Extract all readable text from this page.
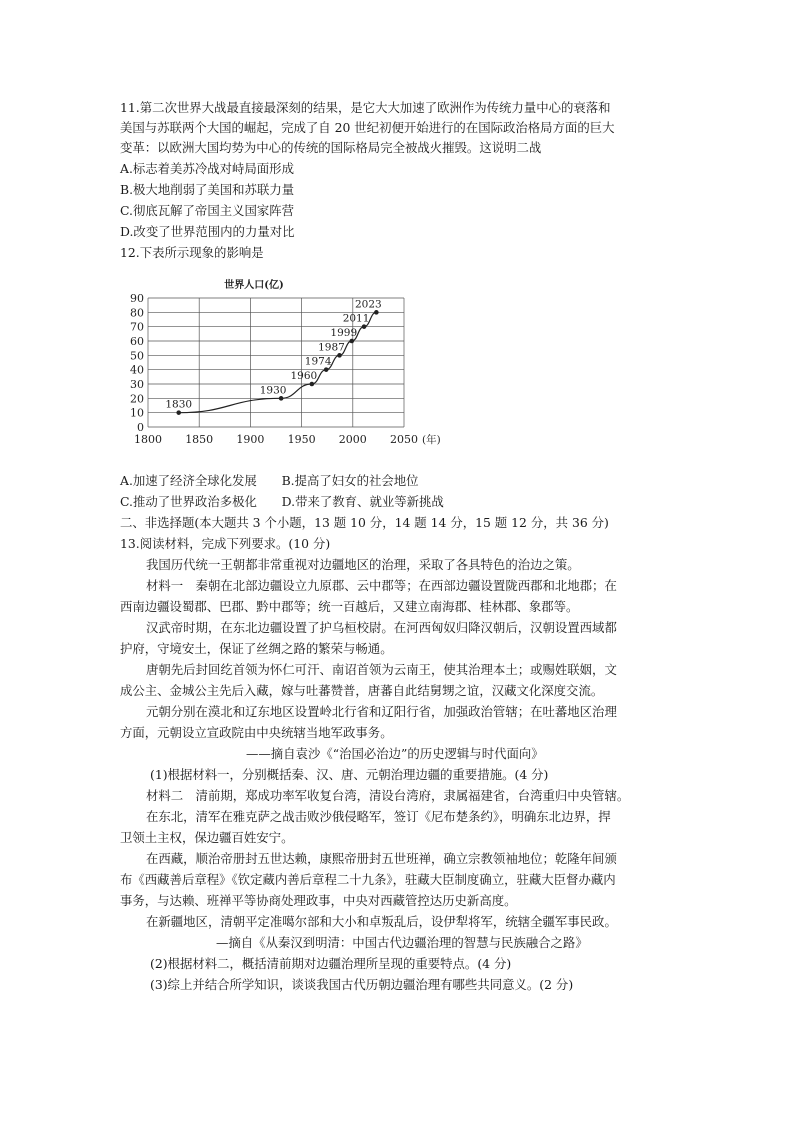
11.第二次世界大战最直接最深刻的结果，是它大大加速了欧洲作为传统力量中心的衰落和
美国与苏联两个大国的崛起，完成了自 20 世纪初便开始进行的在国际政治格局方面的巨大
变革：以欧洲大国均势为中心的传统的国际格局完全被战火摧毁。这说明二战
A.标志着美苏冷战对峙局面形成
B.极大地削弱了美国和苏联力量
C.彻底瓦解了帝国主义国家阵营
D.改变了世界范围内的力量对比
12.下表所示现象的影响是
0
10
20
30
40
50
60
70
80
90
1800 1850 1900 1950 2000 2050 (年)
世界人口(亿)
1830
1930
1960
1974
1987
1999
2011
2023
A.加速了经济全球化发展　　B.提高了妇女的社会地位
C.推动了世界政治多极化　　D.带来了教育、就业等新挑战
二、非选择题(本大题共 3 个小题，13 题 10 分，14 题 14 分，15 题 12 分，共 36 分)
13.阅读材料，完成下列要求。(10 分)
我国历代统一王朝都非常重视对边疆地区的治理，采取了各具特色的治边之策。
材料一　秦朝在北部边疆设立九原郡、云中郡等；在西部边疆设置陇西郡和北地郡；在
西南边疆设蜀郡、巴郡、黔中郡等；统一百越后，又建立南海郡、桂林郡、象郡等。
汉武帝时期，在东北边疆设置了护乌桓校尉。在河西匈奴归降汉朝后，汉朝设置西域都
护府，守境安土，保证了丝绸之路的繁荣与畅通。
唐朝先后封回纥首领为怀仁可汗、南诏首领为云南王，使其治理本土；或赐姓联姻，文
成公主、金城公主先后入藏，嫁与吐蕃赞普，唐蕃自此结舅甥之谊，汉藏文化深度交流。
元朝分别在漠北和辽东地区设置岭北行省和辽阳行省，加强政治管辖；在吐蕃地区治理
方面，元朝设立宣政院由中央统辖当地军政事务。
——摘自袁沙《“治国必治边”的历史逻辑与时代面向》
(1)根据材料一，分别概括秦、汉、唐、元朝治理边疆的重要措施。(4 分)
材料二　清前期，郑成功率军收复台湾，清设台湾府，隶属福建省，台湾重归中央管辖。
在东北，清军在雅克萨之战击败沙俄侵略军，签订《尼布楚条约》，明确东北边界，捍
卫领土主权，保边疆百姓安宁。
在西藏，顺治帝册封五世达赖，康熙帝册封五世班禅，确立宗教领袖地位；乾隆年间颁
布《西藏善后章程》《钦定藏内善后章程二十九条》，驻藏大臣制度确立，驻藏大臣督办藏内
事务，与达赖、班禅平等协商处理政事，中央对西藏管控达历史新高度。
在新疆地区，清朝平定准噶尔部和大小和卓叛乱后，设伊犁将军，统辖全疆军事民政。
—摘自《从秦汉到明清：中国古代边疆治理的智慧与民族融合之路》
(2)根据材料二，概括清前期对边疆治理所呈现的重要特点。(4 分)
(3)综上并结合所学知识，谈谈我国古代历朝边疆治理有哪些共同意义。(2 分)
